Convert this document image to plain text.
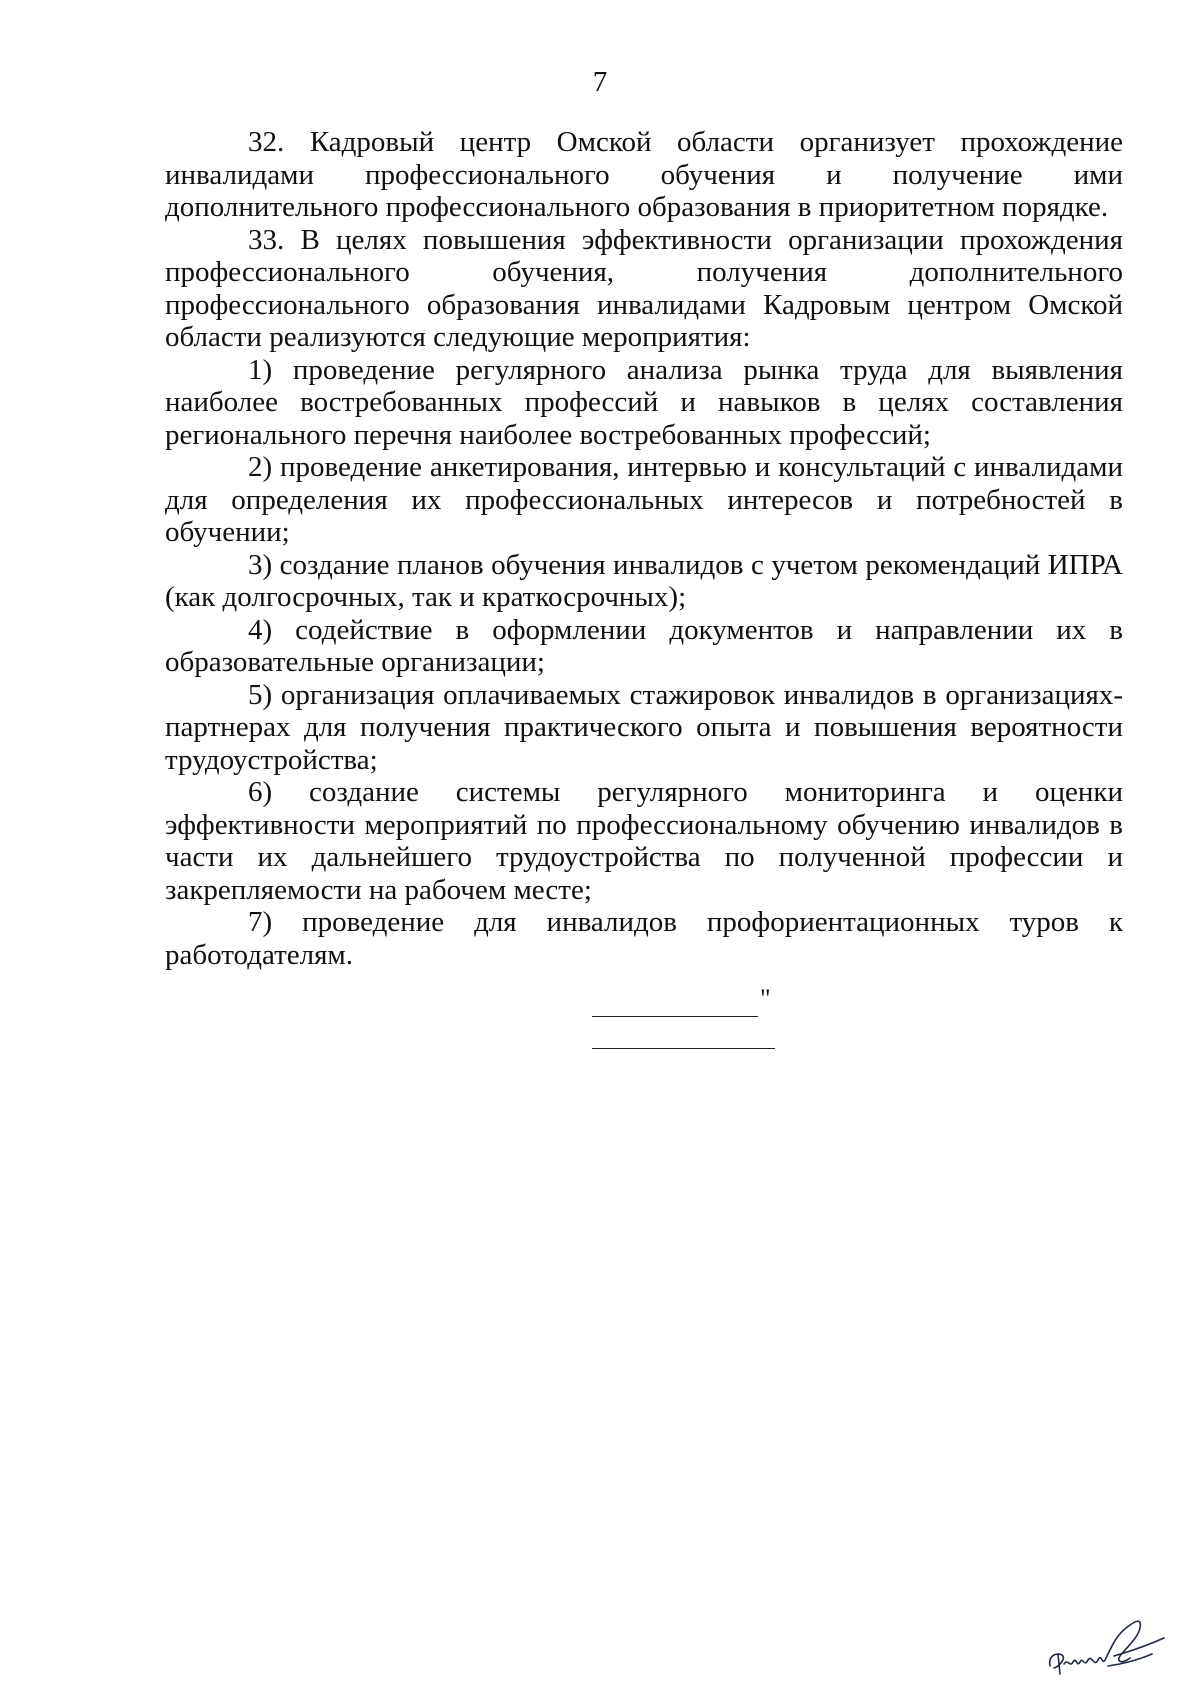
7

32. Кадровый центр Омской области организует прохождение инвалидами профессионального обучения и получение ими дополнительного профессионального образования в приоритетном порядке.

33. В целях повышения эффективности организации прохождения профессионального обучения, получения дополнительного профессионального образования инвалидами Кадровым центром Омской области реализуются следующие мероприятия:

1) проведение регулярного анализа рынка труда для выявления наиболее востребованных профессий и навыков в целях составления регионального перечня наиболее востребованных профессий;

2) проведение анкетирования, интервью и консультаций с инвалидами для определения их профессиональных интересов и потребностей в обучении;

3) создание планов обучения инвалидов с учетом рекомендаций ИПРА (как долгосрочных, так и краткосрочных);

4) содействие в оформлении документов и направлении их в образовательные организации;

5) организация оплачиваемых стажировок инвалидов в организациях-партнерах для получения практического опыта и повышения вероятности трудоустройства;

6) создание системы регулярного мониторинга и оценки эффективности мероприятий по профессиональному обучению инвалидов в части их дальнейшего трудоустройства по полученной профессии и закрепляемости на рабочем месте;

7) проведение для инвалидов профориентационных туров к работодателям.

"
